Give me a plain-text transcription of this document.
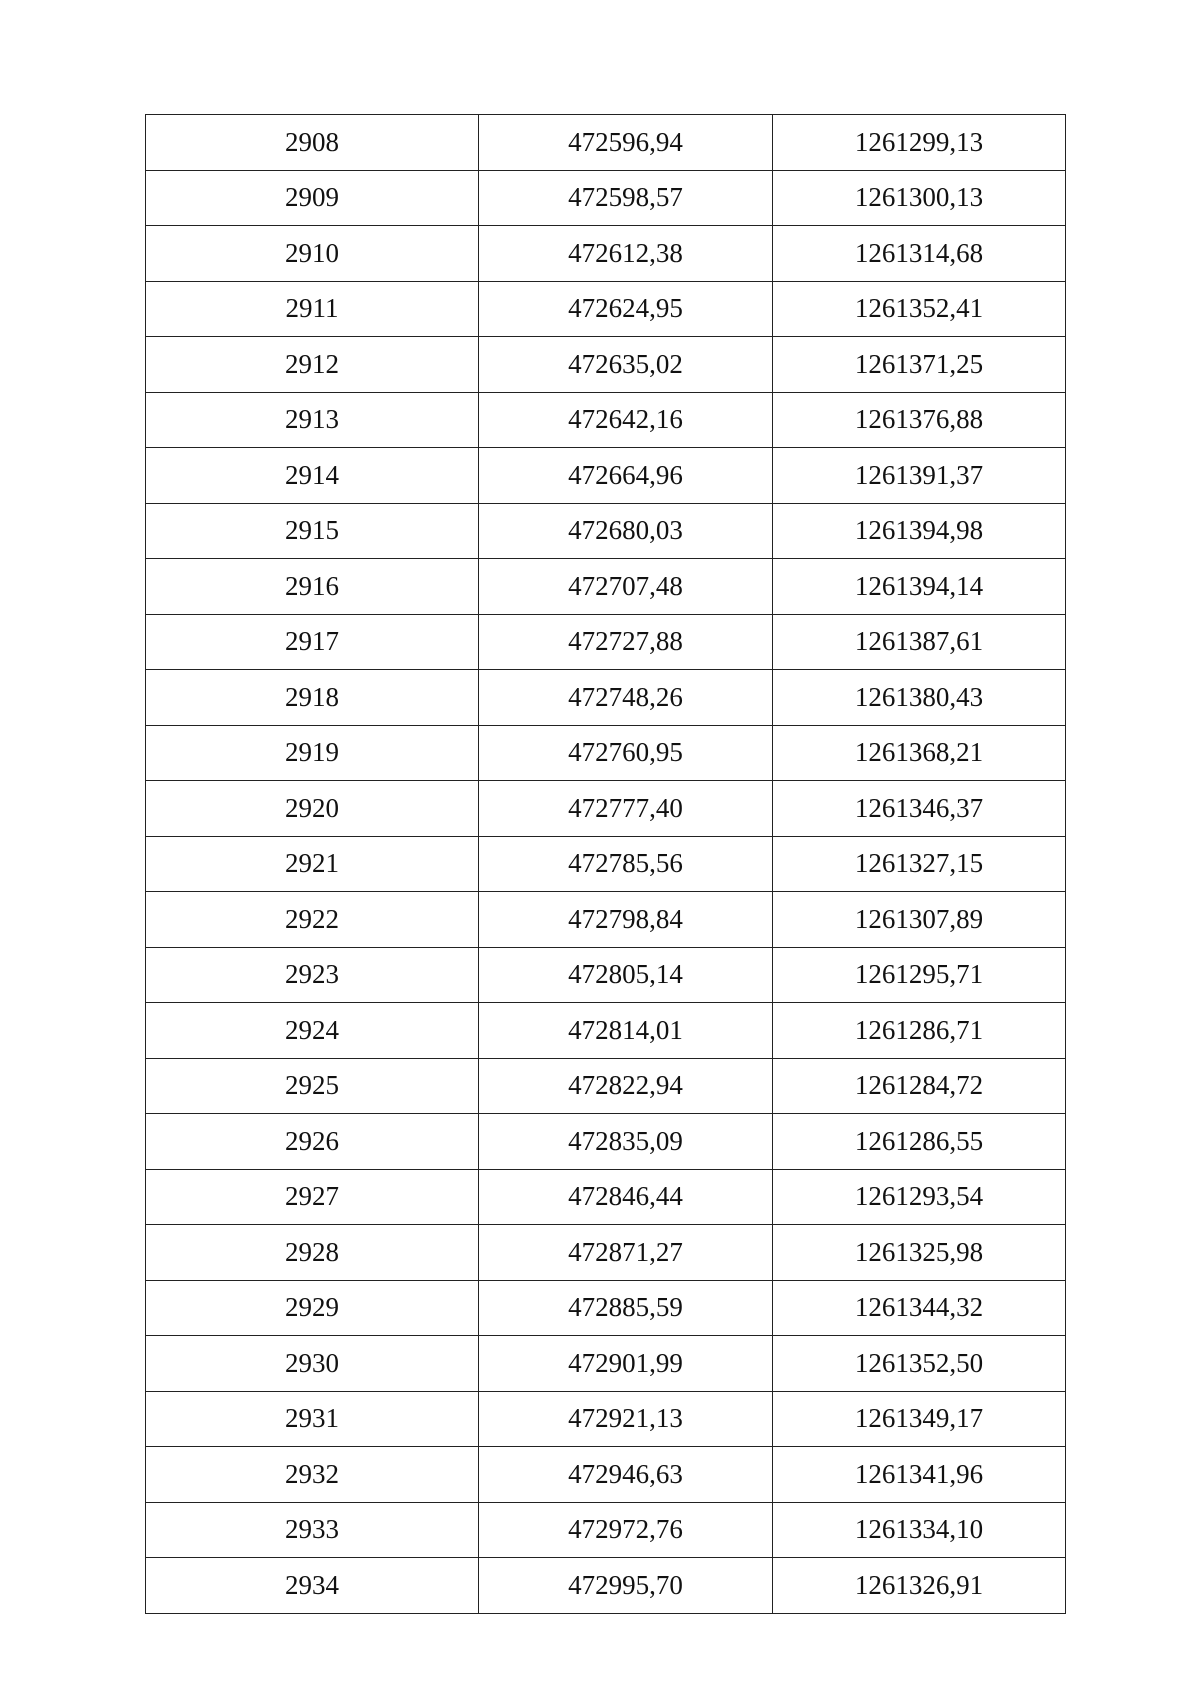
2908	472596,94	1261299,13
2909	472598,57	1261300,13
2910	472612,38	1261314,68
2911	472624,95	1261352,41
2912	472635,02	1261371,25
2913	472642,16	1261376,88
2914	472664,96	1261391,37
2915	472680,03	1261394,98
2916	472707,48	1261394,14
2917	472727,88	1261387,61
2918	472748,26	1261380,43
2919	472760,95	1261368,21
2920	472777,40	1261346,37
2921	472785,56	1261327,15
2922	472798,84	1261307,89
2923	472805,14	1261295,71
2924	472814,01	1261286,71
2925	472822,94	1261284,72
2926	472835,09	1261286,55
2927	472846,44	1261293,54
2928	472871,27	1261325,98
2929	472885,59	1261344,32
2930	472901,99	1261352,50
2931	472921,13	1261349,17
2932	472946,63	1261341,96
2933	472972,76	1261334,10
2934	472995,70	1261326,91
